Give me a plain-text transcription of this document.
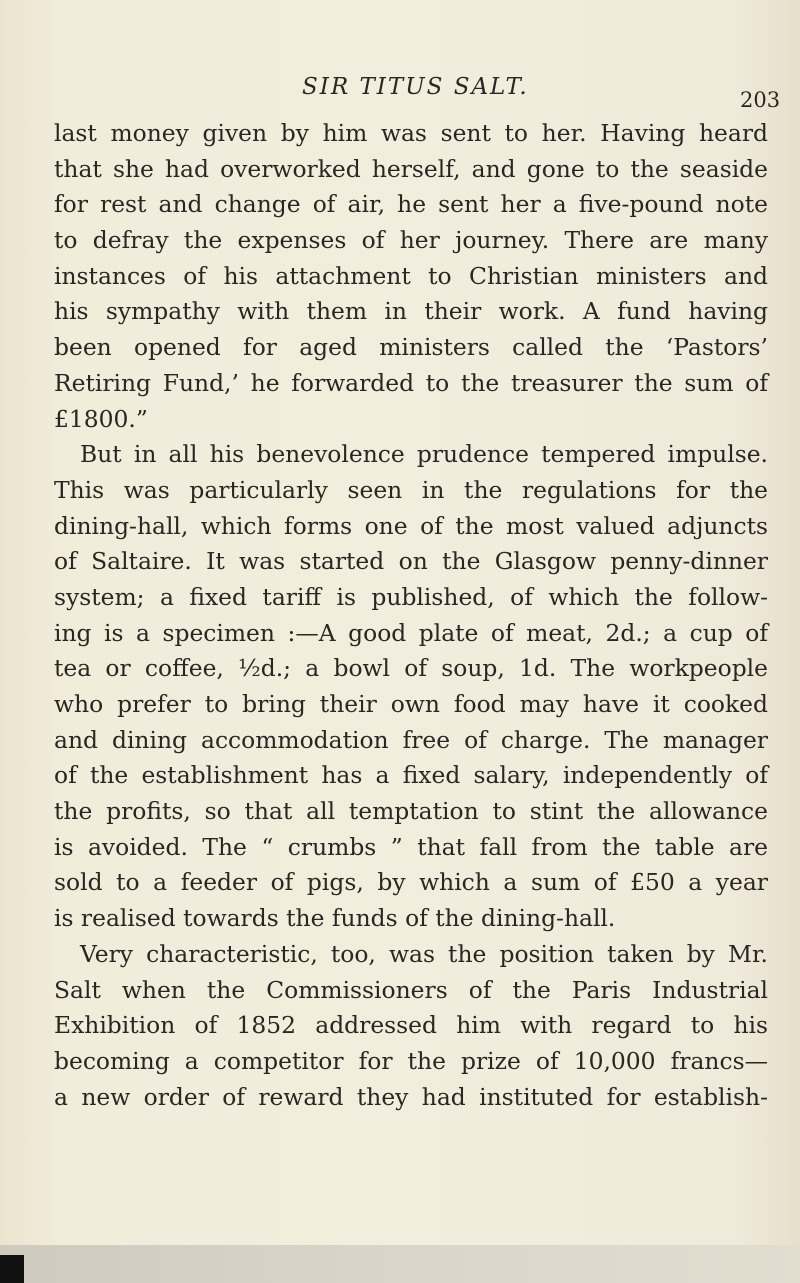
SIR TITUS SALT.	203
last money given by him was sent to her. Having heard
that she had overworked herself, and gone to the seaside
for rest and change of air, he sent her a five-pound note
to defray the expenses of her journey. There are many
instances of his attachment to Christian ministers and
his sympathy with them in their work. A fund having
been opened for aged ministers called the ‘Pastors’
Retiring Fund,’ he forwarded to the treasurer the sum of
£1800.”
But in all his benevolence prudence tempered impulse.
This was particularly seen in the regulations for the
dining-hall, which forms one of the most valued adjuncts
of Saltaire. It was started on the Glasgow penny-dinner
system; a fixed tariff is published, of which the follow-
ing is a specimen :—A good plate of meat, 2d.; a cup of
tea or coffee, ½d.; a bowl of soup, 1d. The workpeople
who prefer to bring their own food may have it cooked
and dining accommodation free of charge. The manager
of the establishment has a fixed salary, independently of
the profits, so that all temptation to stint the allowance
is avoided. The “ crumbs ” that fall from the table are
sold to a feeder of pigs, by which a sum of £50 a year
is realised towards the funds of the dining-hall.
Very characteristic, too, was the position taken by Mr.
Salt when the Commissioners of the Paris Industrial
Exhibition of 1852 addressed him with regard to his
becoming a competitor for the prize of 10,000 francs—
a new order of reward they had instituted for establish-
